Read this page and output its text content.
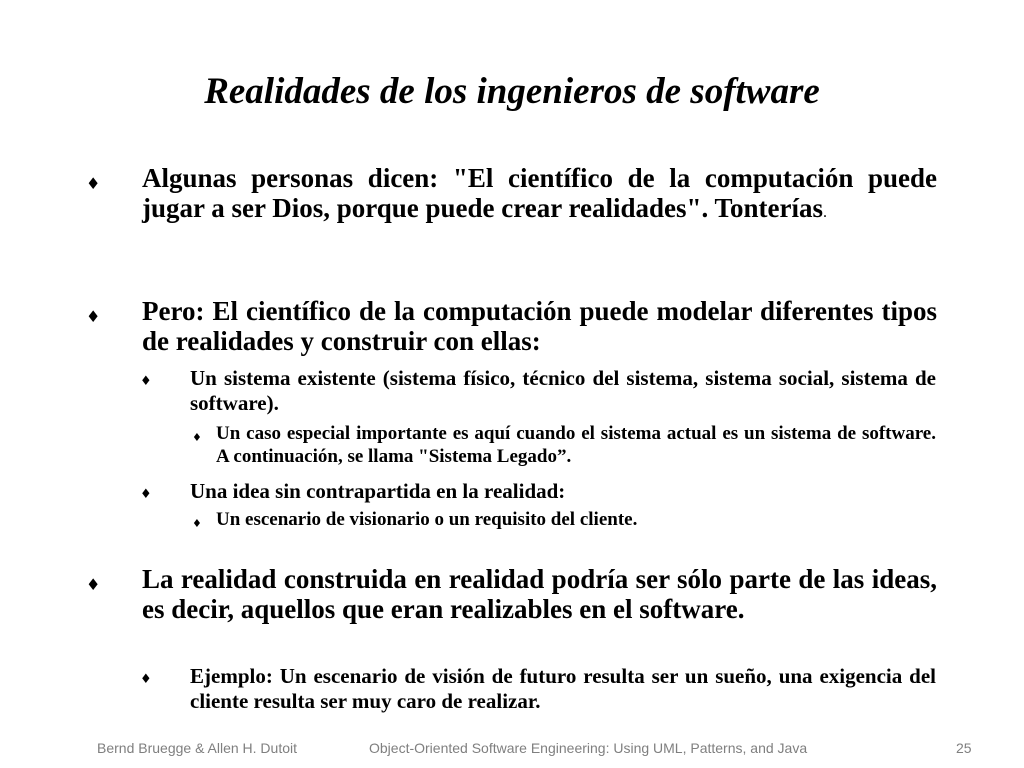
Realidades de los ingenieros de software
♦ Algunas personas dicen: "El científico de la computación puede jugar a ser Dios, porque puede crear realidades". Tonterías.
♦ Pero: El científico de la computación puede modelar diferentes tipos de realidades y construir con ellas:
♦ Un sistema existente (sistema físico, técnico del sistema, sistema social, sistema de software).
♦ Un caso especial importante es aquí cuando el sistema actual es un sistema de software. A continuación, se llama "Sistema Legado”.
♦ Una idea sin contrapartida en la realidad:
♦ Un escenario de visionario o un requisito del cliente.
♦ La realidad construida en realidad podría ser sólo parte de las ideas, es decir, aquellos que eran realizables en el software.
♦ Ejemplo: Un escenario de visión de futuro resulta ser un sueño, una exigencia del cliente resulta ser muy caro de realizar.
Bernd Bruegge & Allen H. Dutoit	Object-Oriented Software Engineering: Using UML, Patterns, and Java	25
